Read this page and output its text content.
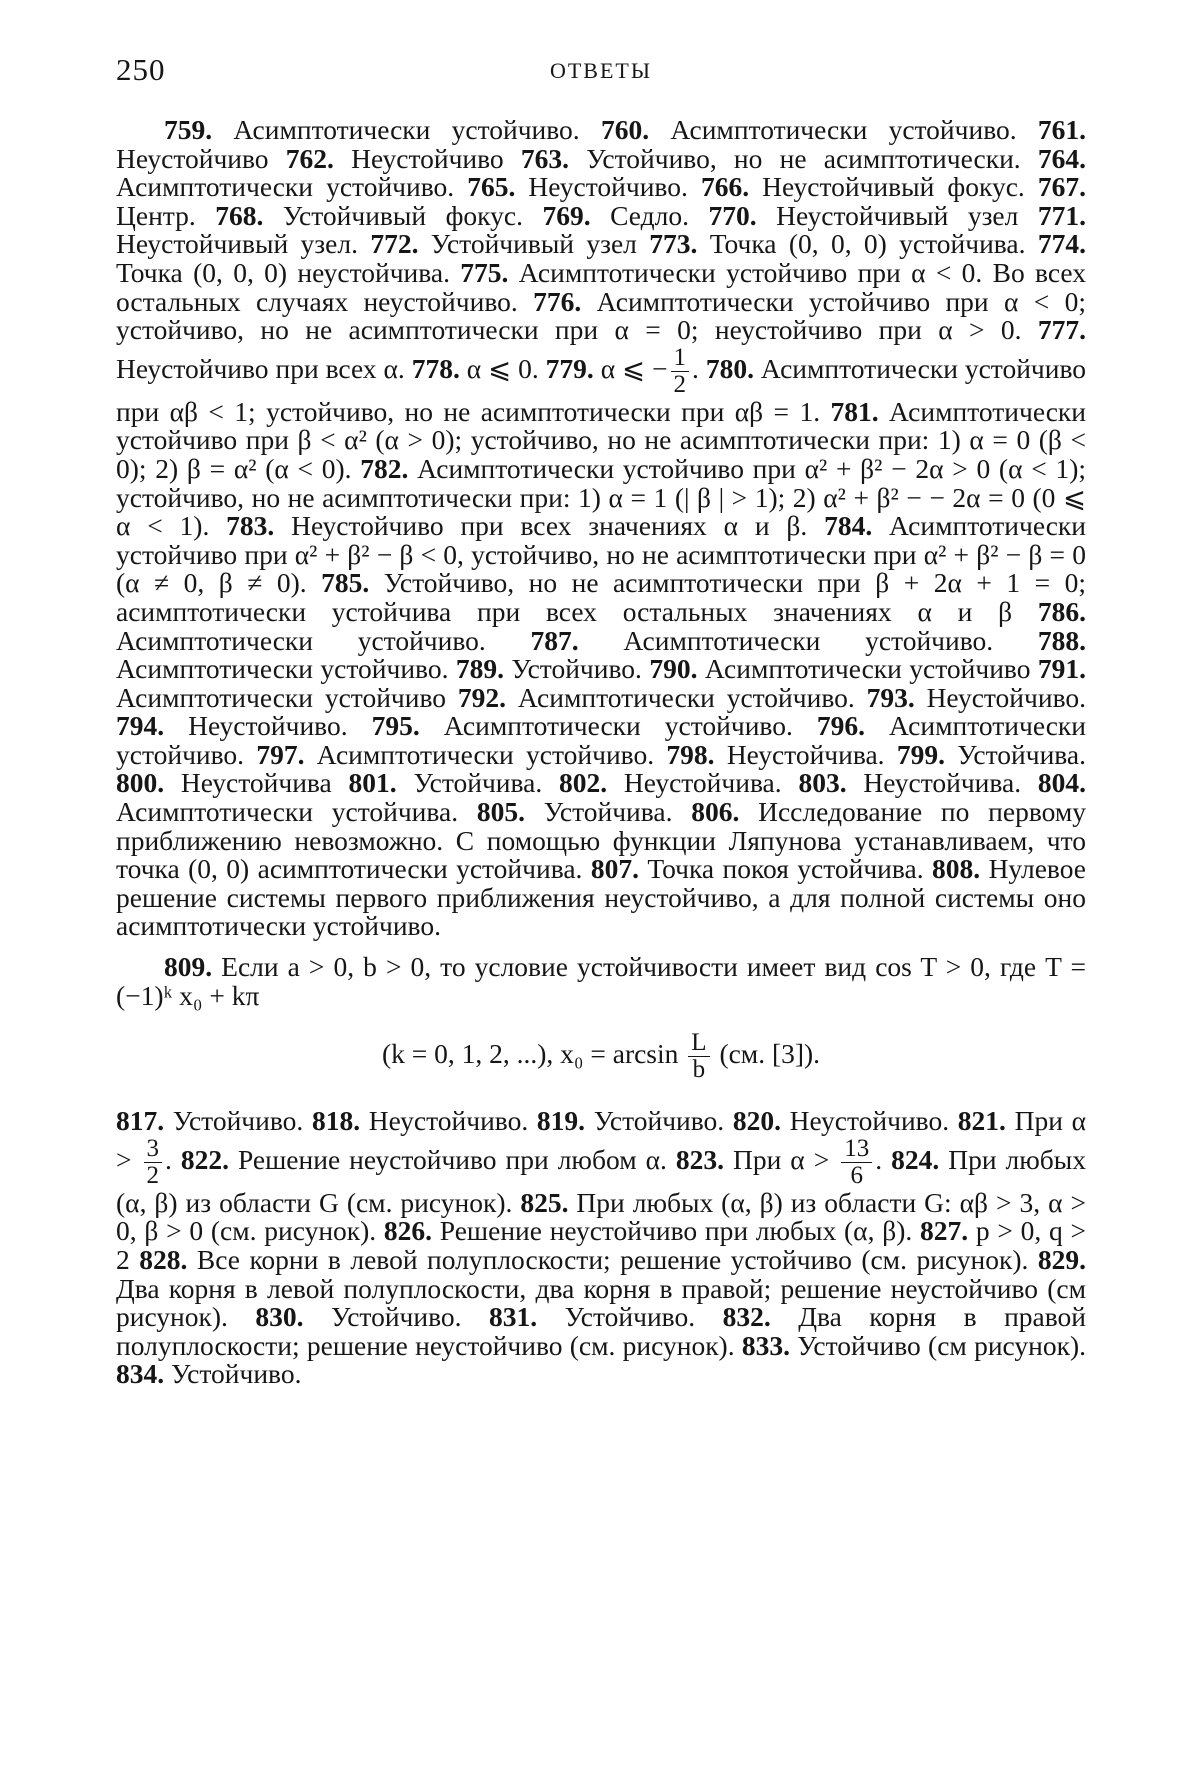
250	ОТВЕТЫ

759. Асимптотически устойчиво. 760. Асимптотически устойчиво. 761. Неустойчиво 762. Неустойчиво 763. Устойчиво, но не асимптотически. 764. Асимптотически устойчиво. 765. Неустойчиво. 766. Неустойчивый фокус. 767. Центр. 768. Устойчивый фокус. 769. Седло. 770. Неустойчивый узел 771. Неустойчивый узел. 772. Устойчивый узел 773. Точка (0, 0, 0) устойчива. 774. Точка (0, 0, 0) неустойчива. 775. Асимптотически устойчиво при α < 0. Во всех остальных случаях неустойчиво. 776. Асимптотически устойчиво при α < 0; устойчиво, но не асимптотически при α = 0; неустойчиво при α > 0. 777. Неустойчиво при всех α. 778. α ⩽ 0. 779. α ⩽ − 1
2
. 780. Асимптотически устойчиво при αβ < 1; устойчиво, но не асимптотически при αβ = 1. 781. Асимптотически устойчиво при β < α² (α > 0); устойчиво, но не асимптотически при: 1) α = 0 (β < 0); 2) β = α² (α < 0). 782. Асимптотически устойчиво при α² + β² − 2α > 0 (α < 1); устойчиво, но не асимптотически при: 1) α = 1 (| β | > 1); 2) α² + β² − − 2α = 0 (0 ⩽ α < 1). 783. Неустойчиво при всех значениях α и β. 784. Асимптотически устойчиво при α² + β² − β < 0, устойчиво, но не асимптотически при α² + β² − β = 0 (α ≠ 0, β ≠ 0). 785. Устойчиво, но не асимптотически при β + 2α + 1 = 0; асимптотически устойчива при всех остальных значениях α и β 786. Асимптотически устойчиво. 787. Асимптотически устойчиво. 788. Асимптотически устойчиво. 789. Устойчиво. 790. Асимптотически устойчиво 791. Асимптотически устойчиво 792. Асимптотически устойчиво. 793. Неустойчиво. 794. Неустойчиво. 795. Асимптотически устойчиво. 796. Асимптотически устойчиво. 797. Асимптотически устойчиво. 798. Неустойчива. 799. Устойчива. 800. Неустойчива 801. Устойчива. 802. Неустойчива. 803. Неустойчива. 804. Асимптотически устойчива. 805. Устойчива. 806. Исследование по первому приближению невозможно. С помощью функции Ляпунова устанавливаем, что точка (0, 0) асимптотически устойчива. 807. Точка покоя устойчива. 808. Нулевое решение системы первого приближения неустойчиво, а для полной системы оно асимптотически устойчиво.

809. Если a > 0, b > 0, то условие устойчивости имеет вид cos T > 0, где T = (−1)ᵏ x₀ + kπ

(k = 0, 1, 2, ...), x₀ = arcsin L
b
(см. [3]).

817. Устойчиво. 818. Неустойчиво. 819. Устойчиво. 820. Неустойчиво. 821. При α > 3
2
. 822. Решение неустойчиво при любом α. 823. При α > 13
6
. 824. При любых (α, β) из области G (см. рисунок). 825. При любых (α, β) из области G: αβ > 3, α > 0, β > 0 (см. рисунок). 826. Решение неустойчиво при любых (α, β). 827. p > 0, q > 2 828. Все корни в левой полуплоскости; решение устойчиво (см. рисунок). 829. Два корня в левой полуплоскости, два корня в правой; решение неустойчиво (см рисунок). 830. Устойчиво. 831. Устойчиво. 832. Два корня в правой полуплоскости; решение неустойчиво (см. рисунок). 833. Устойчиво (см рисунок). 834. Устойчиво.
